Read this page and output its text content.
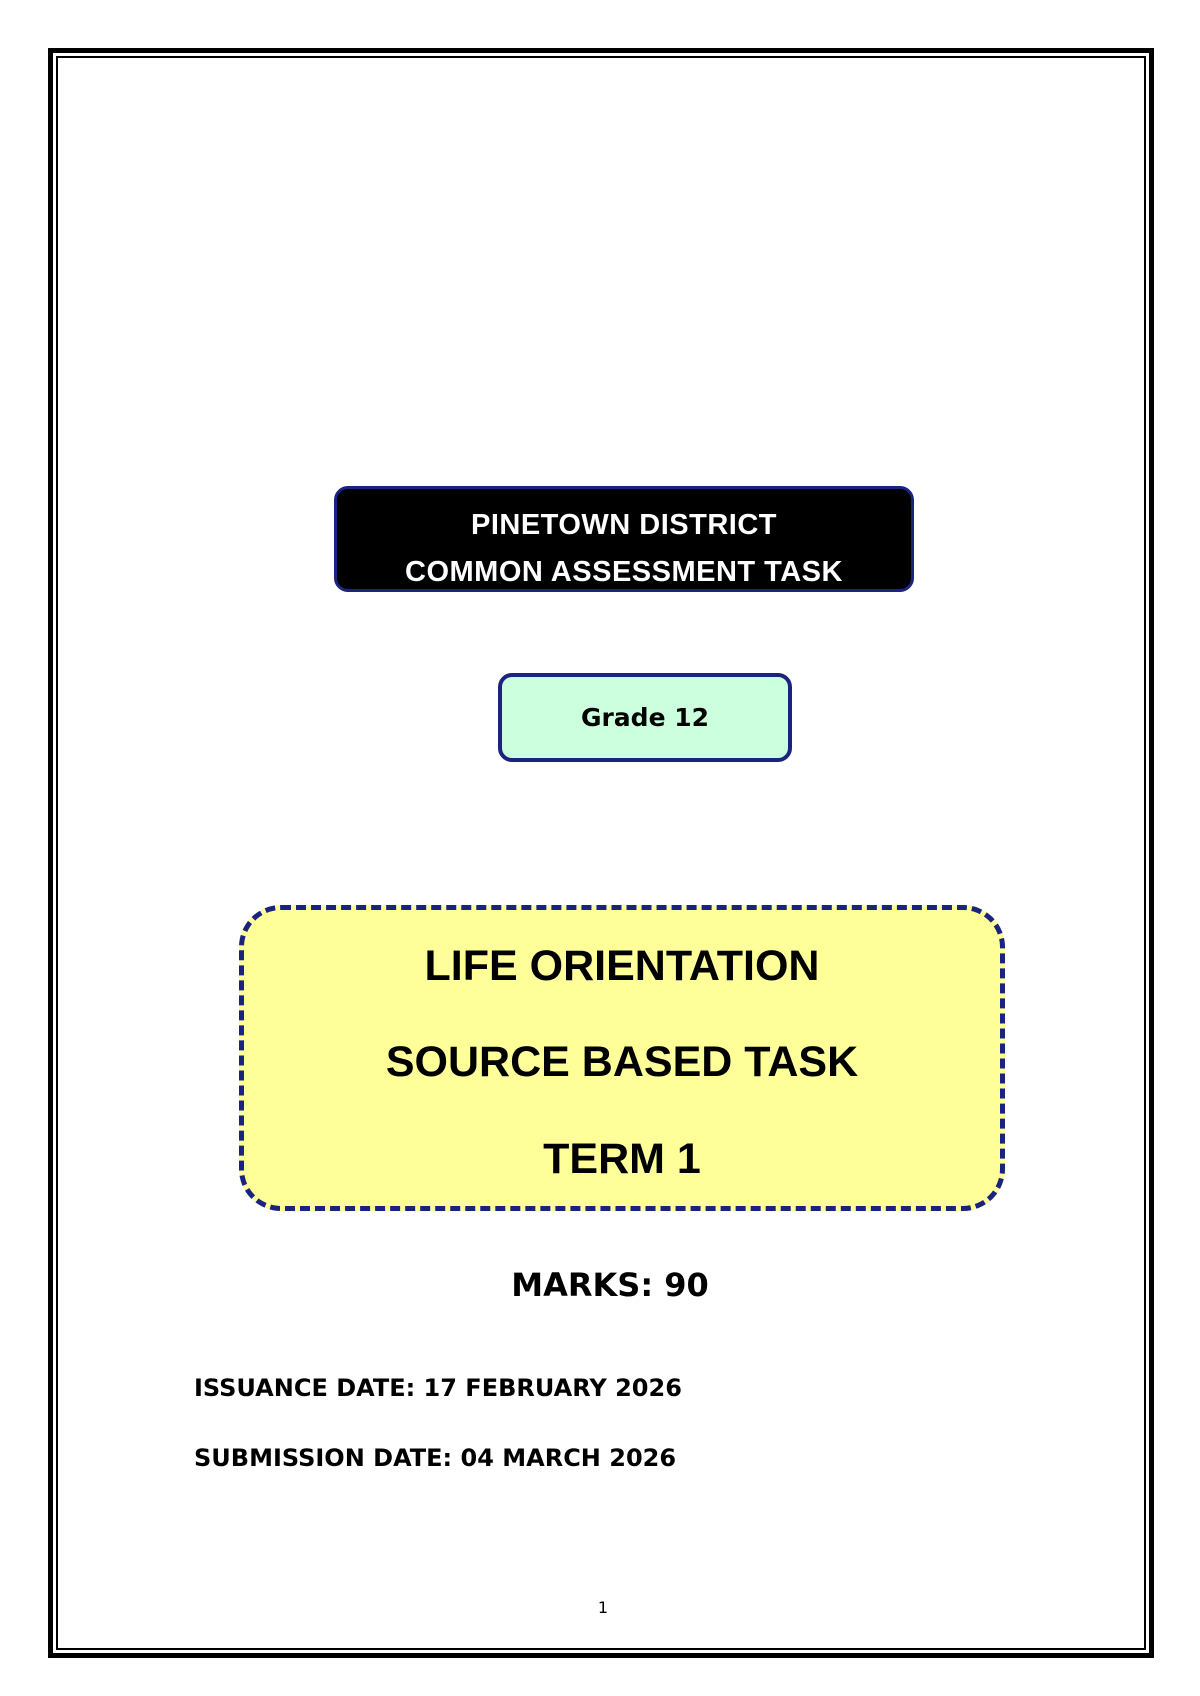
PINETOWN DISTRICT
COMMON ASSESSMENT TASK
Grade 12
LIFE ORIENTATION
SOURCE BASED TASK
TERM 1
MARKS: 90
ISSUANCE DATE: 17 FEBRUARY 2026
SUBMISSION DATE: 04 MARCH 2026
1
